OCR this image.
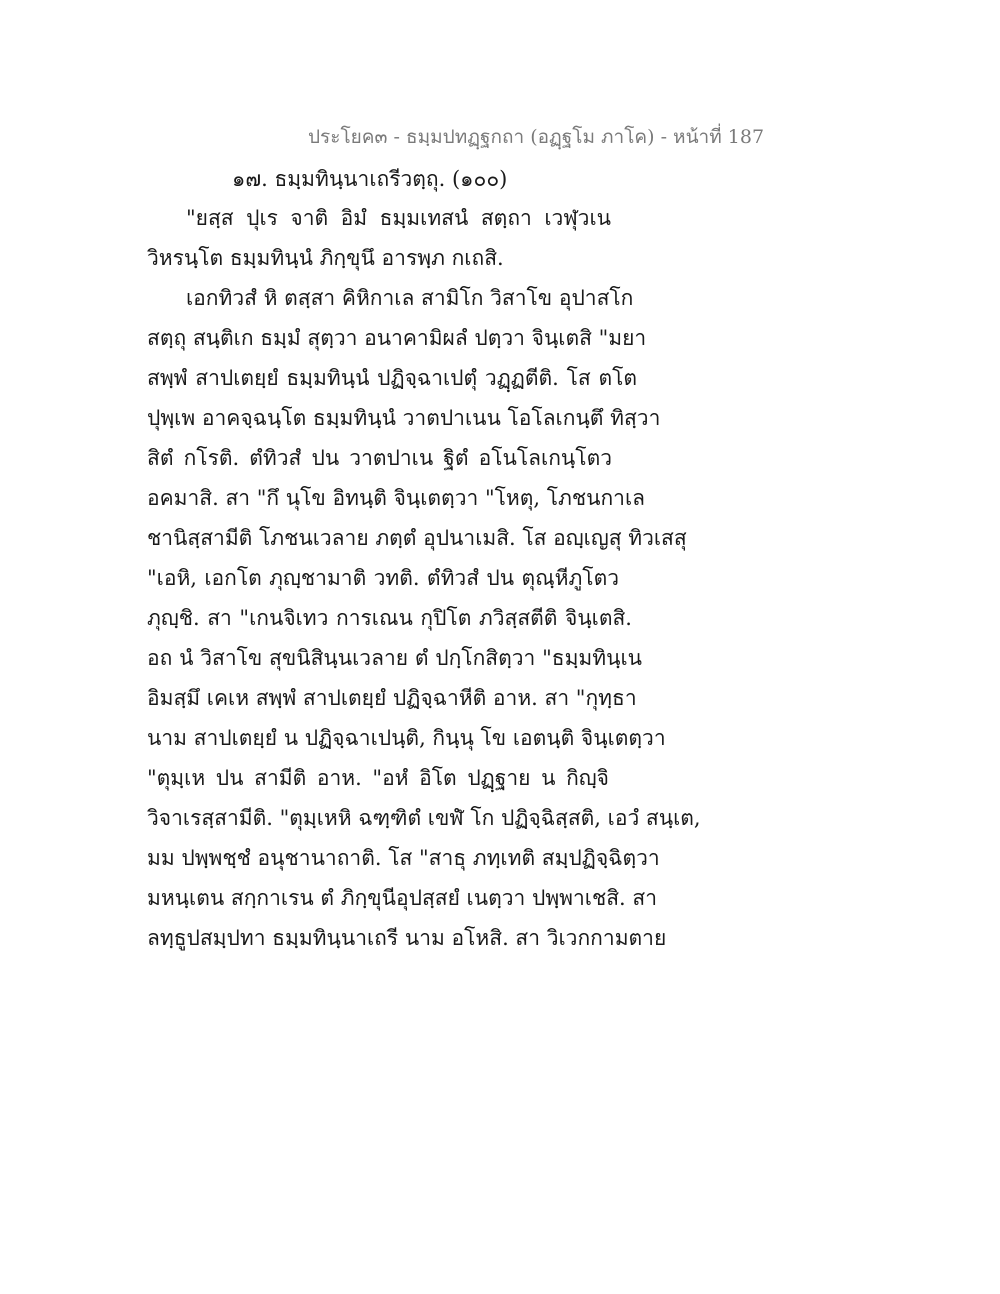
ประโยค๓ - ธมฺมปทฏฺฐกถา (อฏฺฐโม ภาโค) - หน้าที่ 187
๑๗. ธมฺมทินฺนาเถรีวตฺถุ. (๑๐๐)
"ยสฺส ปุเร จาติ อิมํ ธมฺมเทสนํ สตฺถา เวฬุวเน
วิหรนฺโต ธมฺมทินฺนํ ภิกฺขุนึ อารพฺภ กเถสิ.
เอกทิวสํ หิ ตสฺสา คิหิกาเล สามิโก วิสาโข อุปาสโก
สตฺถุ สนฺติเก ธมฺมํ สุตฺวา อนาคามิผลํ ปตฺวา จินฺเตสิ "มยา
สพฺพํ สาปเตยฺยํ ธมฺมทินฺนํ ปฏิจฺฉาเปตุํ วฏฺฏตีติ. โส ตโต
ปุพฺเพ อาคจฺฉนฺโต ธมฺมทินฺนํ วาตปาเนน โอโลเกนฺตึ ทิสฺวา
สิตํ กโรติ. ตํทิวสํ ปน วาตปาเน ฐิตํ อโนโลเกนฺโตว
อคมาสิ. สา "กึ นุโข อิทนฺติ จินฺเตตฺวา "โหตุ, โภชนกาเล
ชานิสฺสามีติ โภชนเวลาย ภตฺตํ อุปนาเมสิ. โส อญฺเญสุ ทิวเสสุ
"เอหิ, เอกโต ภุญฺชามาติ วทติ. ตํทิวสํ ปน ตุณฺหีภูโตว
ภุญฺชิ. สา "เกนจิเทว การเณน กุปิโต ภวิสฺสตีติ จินฺเตสิ.
อถ นํ วิสาโข สุขนิสินฺนเวลาย ตํ ปกฺโกสิตฺวา "ธมฺมทินฺเน
อิมสฺมึ เคเห สพฺพํ สาปเตยฺยํ ปฏิจฺฉาหีติ อาห. สา "กุทฺธา
นาม สาปเตยฺยํ น ปฏิจฺฉาเปนฺติ, กินฺนุ โข เอตนฺติ จินฺเตตฺวา
"ตุมฺเห ปน สามีติ อาห. "อหํ อิโต ปฏฺฐาย น กิญฺจิ
วิจาเรสฺสามีติ. "ตุมฺเหหิ ฉฑฺฑิตํ เขฬํ โก ปฏิจฺฉิสฺสติ, เอวํ สนฺเต,
มม ปพฺพชฺชํ อนุชานาถาติ. โส "สาธุ ภทฺเทติ สมฺปฏิจฺฉิตฺวา
มหนฺเตน สกฺกาเรน ตํ ภิกฺขุนีอุปสฺสยํ เนตฺวา ปพฺพาเชสิ. สา
ลทฺธูปสมฺปทา ธมฺมทินฺนาเถรี นาม อโหสิ. สา วิเวกกามตาย
